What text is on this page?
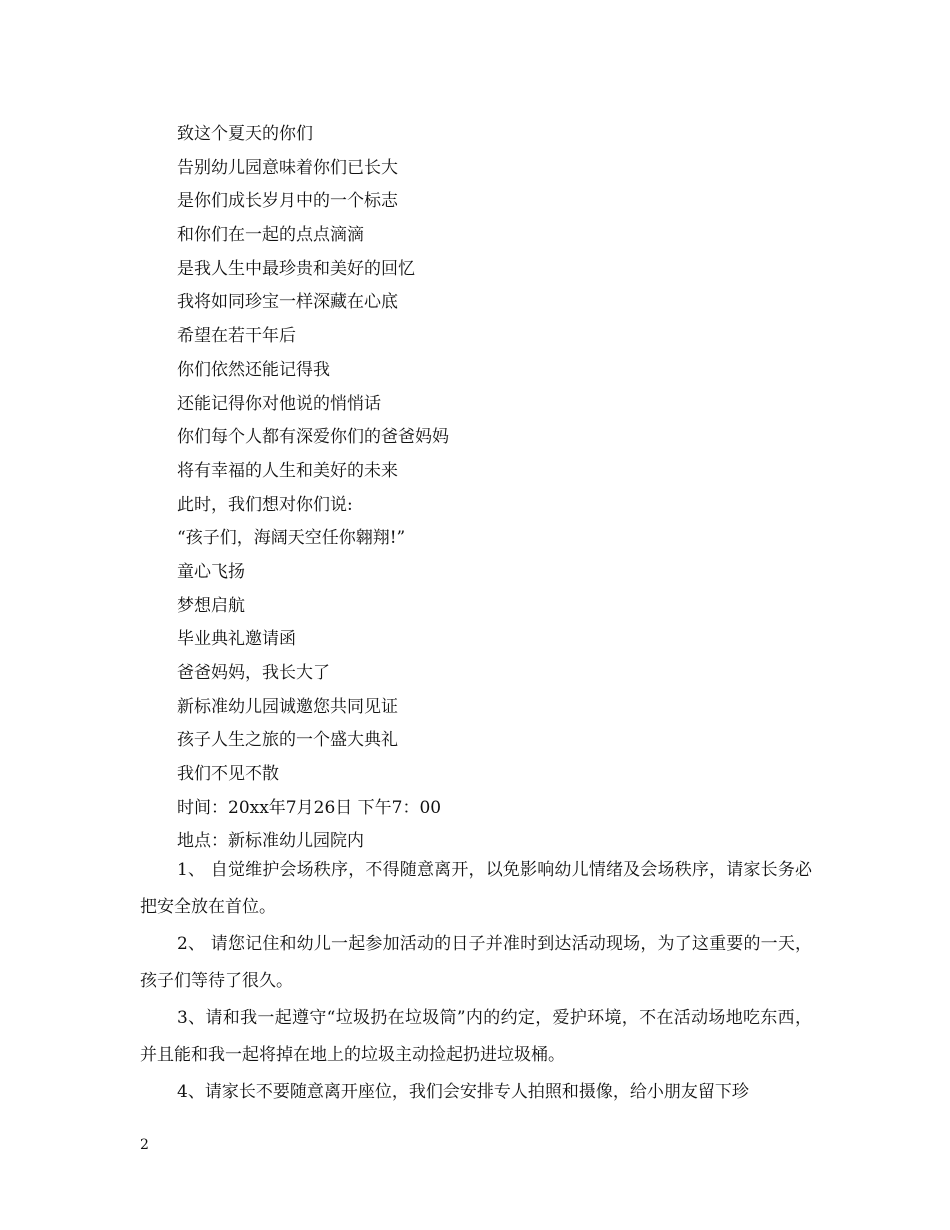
致这个夏天的你们
告别幼儿园意味着你们已长大
是你们成长岁月中的一个标志
和你们在一起的点点滴滴
是我人生中最珍贵和美好的回忆
我将如同珍宝一样深藏在心底
希望在若干年后
你们依然还能记得我
还能记得你对他说的悄悄话
你们每个人都有深爱你们的爸爸妈妈
将有幸福的人生和美好的未来
此时，我们想对你们说:
“孩子们，海阔天空任你翱翔!”
童心飞扬
梦想启航
毕业典礼邀请函
爸爸妈妈，我长大了
新标准幼儿园诚邀您共同见证
孩子人生之旅的一个盛大典礼
我们不见不散
时间：20xx年7月26日 下午7：00
地点：新标准幼儿园院内

1、 自觉维护会场秩序，不得随意离开，以免影响幼儿情绪及会场秩序，请家长务必把安全放在首位。

2、 请您记住和幼儿一起参加活动的日子并准时到达活动现场，为了这重要的一天，孩子们等待了很久。

3、请和我一起遵守“垃圾扔在垃圾筒”内的约定，爱护环境，不在活动场地吃东西，并且能和我一起将掉在地上的垃圾主动捡起扔进垃圾桶。

4、请家长不要随意离开座位，我们会安排专人拍照和摄像，给小朋友留下珍

2
